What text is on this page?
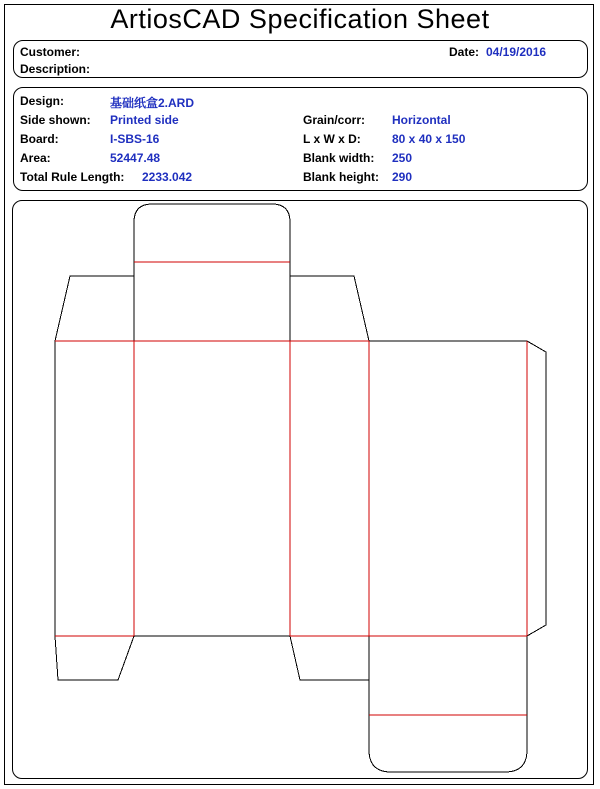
ArtiosCAD Specification Sheet
Customer:
Description:
Date: 04/19/2016
Design:	基础纸盒2.ARD
Side shown: Printed side
Board:	I-SBS-16
Area:	52447.48
Total Rule Length: 2233.042
Grain/corr: Horizontal
L x W x D:	80 x 40 x 150
Blank width: 250
Blank height: 290
